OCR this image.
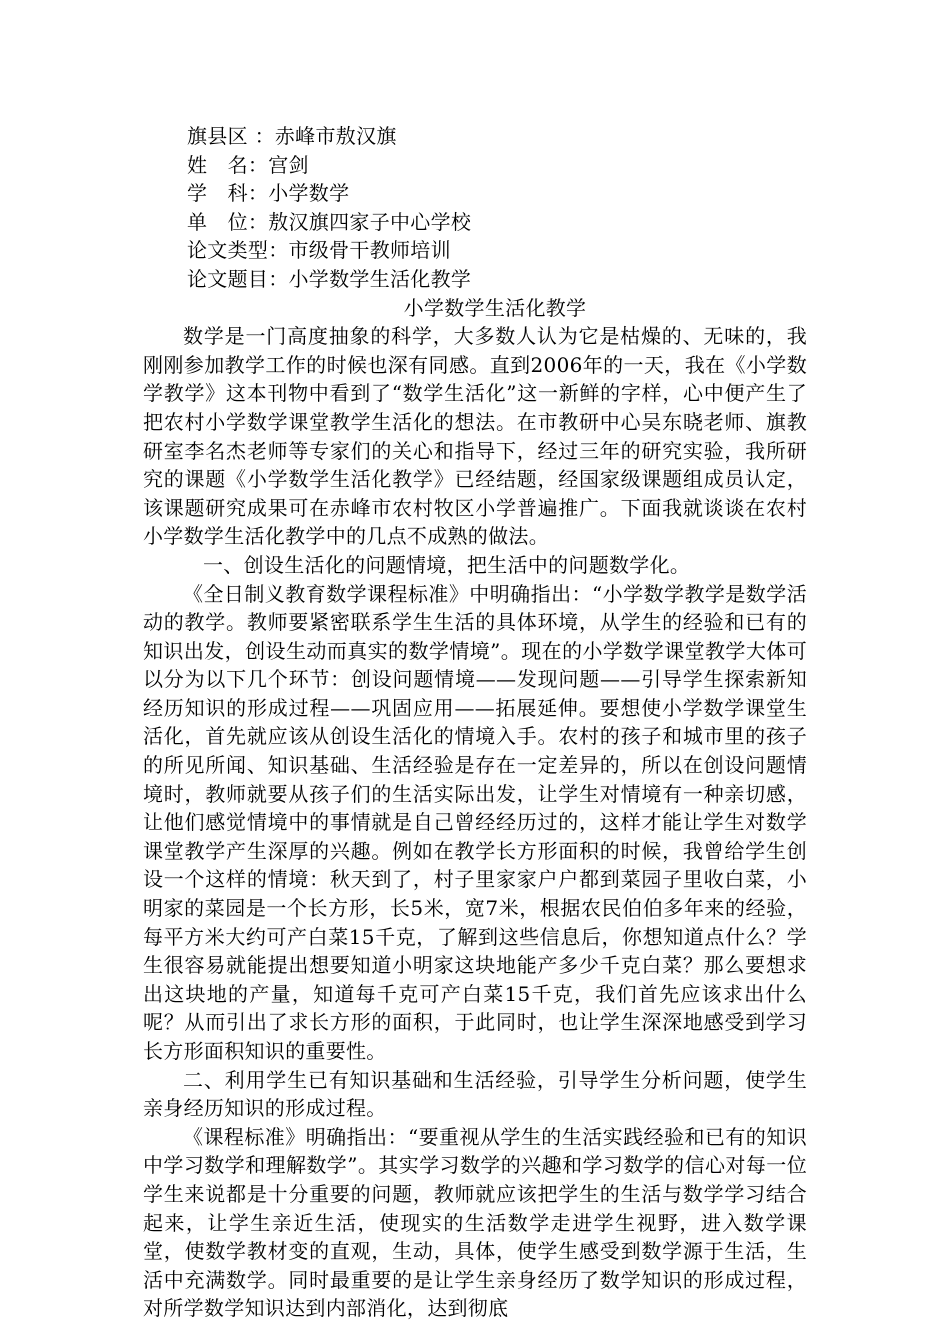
旗县区 ：赤峰市敖汉旗
姓　名：宫剑
学　科：小学数学
单　位：敖汉旗四家子中心学校
论文类型：市级骨干教师培训
论文题目：小学数学生活化教学
小学数学生活化教学

数学是一门高度抽象的科学，大多数人认为它是枯燥的、无味的，我刚刚参加教学工作的时候也深有同感。直到2006年的一天，我在《小学数学教学》这本刊物中看到了“数学生活化”这一新鲜的字样，心中便产生了把农村小学数学课堂教学生活化的想法。在市教研中心吴东晓老师、旗教研室李名杰老师等专家们的关心和指导下，经过三年的研究实验，我所研究的课题《小学数学生活化教学》已经结题，经国家级课题组成员认定，该课题研究成果可在赤峰市农村牧区小学普遍推广。下面我就谈谈在农村小学数学生活化教学中的几点不成熟的做法。

一、创设生活化的问题情境，把生活中的问题数学化。

《全日制义教育数学课程标准》中明确指出：“小学数学教学是数学活动的教学。教师要紧密联系学生生活的具体环境，从学生的经验和已有的知识出发，创设生动而真实的数学情境”。现在的小学数学课堂教学大体可以分为以下几个环节：创设问题情境——发现问题——引导学生探索新知经历知识的形成过程——巩固应用——拓展延伸。要想使小学数学课堂生活化，首先就应该从创设生活化的情境入手。农村的孩子和城市里的孩子的所见所闻、知识基础、生活经验是存在一定差异的，所以在创设问题情境时，教师就要从孩子们的生活实际出发，让学生对情境有一种亲切感，让他们感觉情境中的事情就是自己曾经经历过的，这样才能让学生对数学课堂教学产生深厚的兴趣。例如在教学长方形面积的时候，我曾给学生创设一个这样的情境：秋天到了，村子里家家户户都到菜园子里收白菜，小明家的菜园是一个长方形，长5米，宽7米，根据农民伯伯多年来的经验，每平方米大约可产白菜15千克，了解到这些信息后，你想知道点什么？学生很容易就能提出想要知道小明家这块地能产多少千克白菜？那么要想求出这块地的产量，知道每千克可产白菜15千克，我们首先应该求出什么呢？从而引出了求长方形的面积，于此同时，也让学生深深地感受到学习长方形面积知识的重要性。

二、利用学生已有知识基础和生活经验，引导学生分析问题，使学生亲身经历知识的形成过程。

《课程标准》明确指出：“要重视从学生的生活实践经验和已有的知识中学习数学和理解数学”。其实学习数学的兴趣和学习数学的信心对每一位学生来说都是十分重要的问题，教师就应该把学生的生活与数学学习结合起来，让学生亲近生活，使现实的生活数学走进学生视野，进入数学课堂，使数学教材变的直观，生动，具体，使学生感受到数学源于生活，生活中充满数学。同时最重要的是让学生亲身经历了数学知识的形成过程，对所学数学知识达到内部消化，达到彻底
